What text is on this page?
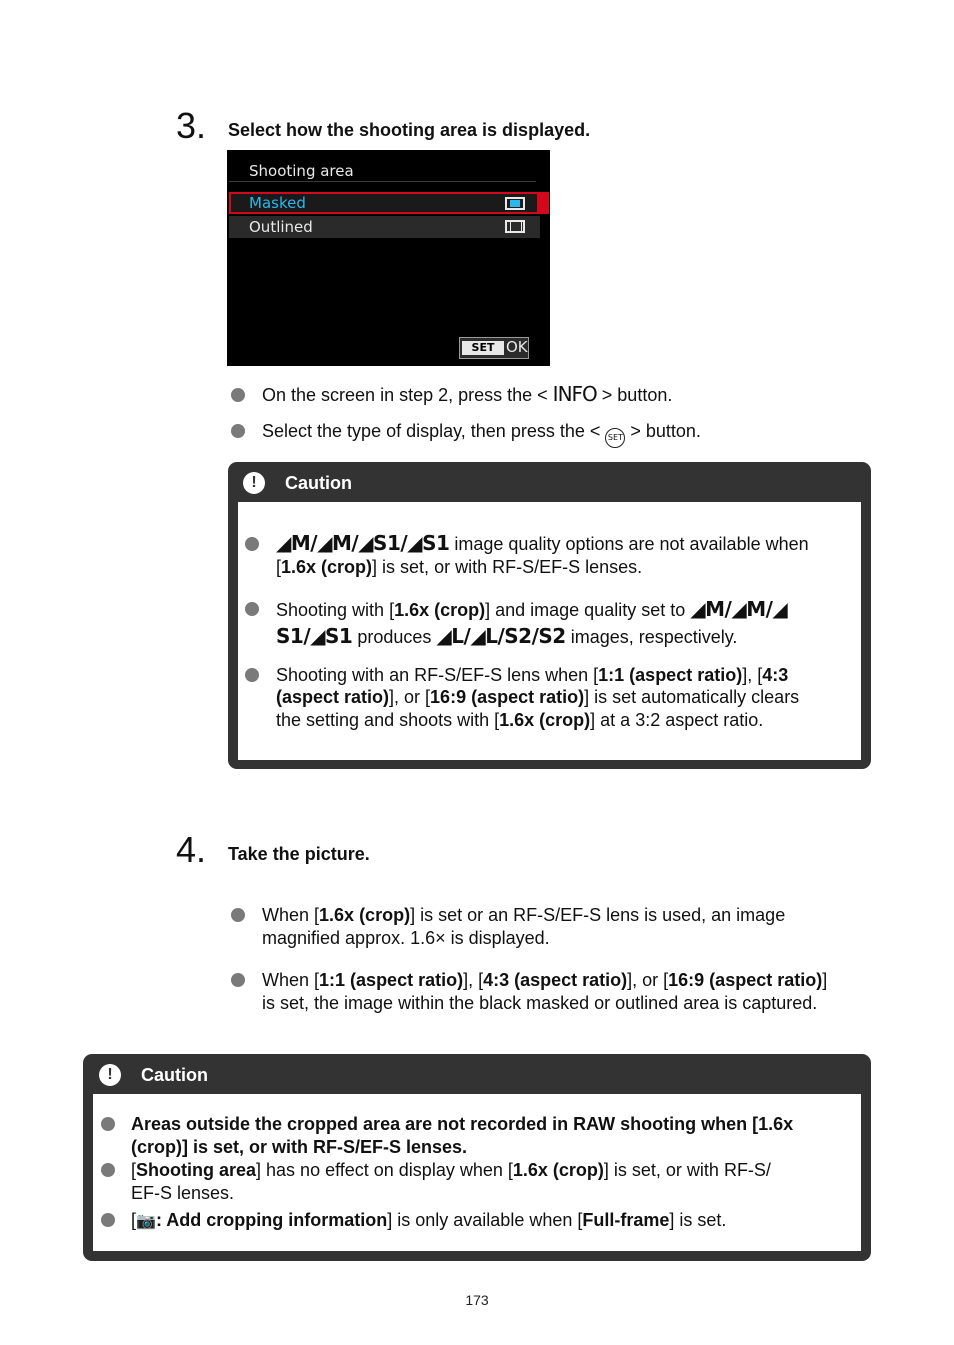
3. Select how the shooting area is displayed.
Shooting area
Masked
Outlined
SET OK
On the screen in step 2, press the < INFO > button.
Select the type of display, then press the < SET > button.
!	Caution
◢M/◢M/◢S1/◢S1 image quality options are not available when
[1.6x (crop)] is set, or with RF-S/EF-S lenses.
Shooting with [1.6x (crop)] and image quality set to ◢M/◢M/◢
S1/◢S1 produces ◢L/◢L/S2/S2 images, respectively.
Shooting with an RF-S/EF-S lens when [1:1 (aspect ratio)], [4:3
(aspect ratio)], or [16:9 (aspect ratio)] is set automatically clears
the setting and shoots with [1.6x (crop)] at a 3:2 aspect ratio.
4. Take the picture.
When [1.6x (crop)] is set or an RF-S/EF-S lens is used, an image
magnified approx. 1.6× is displayed.
When [1:1 (aspect ratio)], [4:3 (aspect ratio)], or [16:9 (aspect ratio)]
is set, the image within the black masked or outlined area is captured.
!	Caution
Areas outside the cropped area are not recorded in RAW shooting when [1.6x
(crop)] is set, or with RF-S/EF-S lenses.
[Shooting area] has no effect on display when [1.6x (crop)] is set, or with RF-S/
EF-S lenses.
[📷: Add cropping information] is only available when [Full-frame] is set.
173
